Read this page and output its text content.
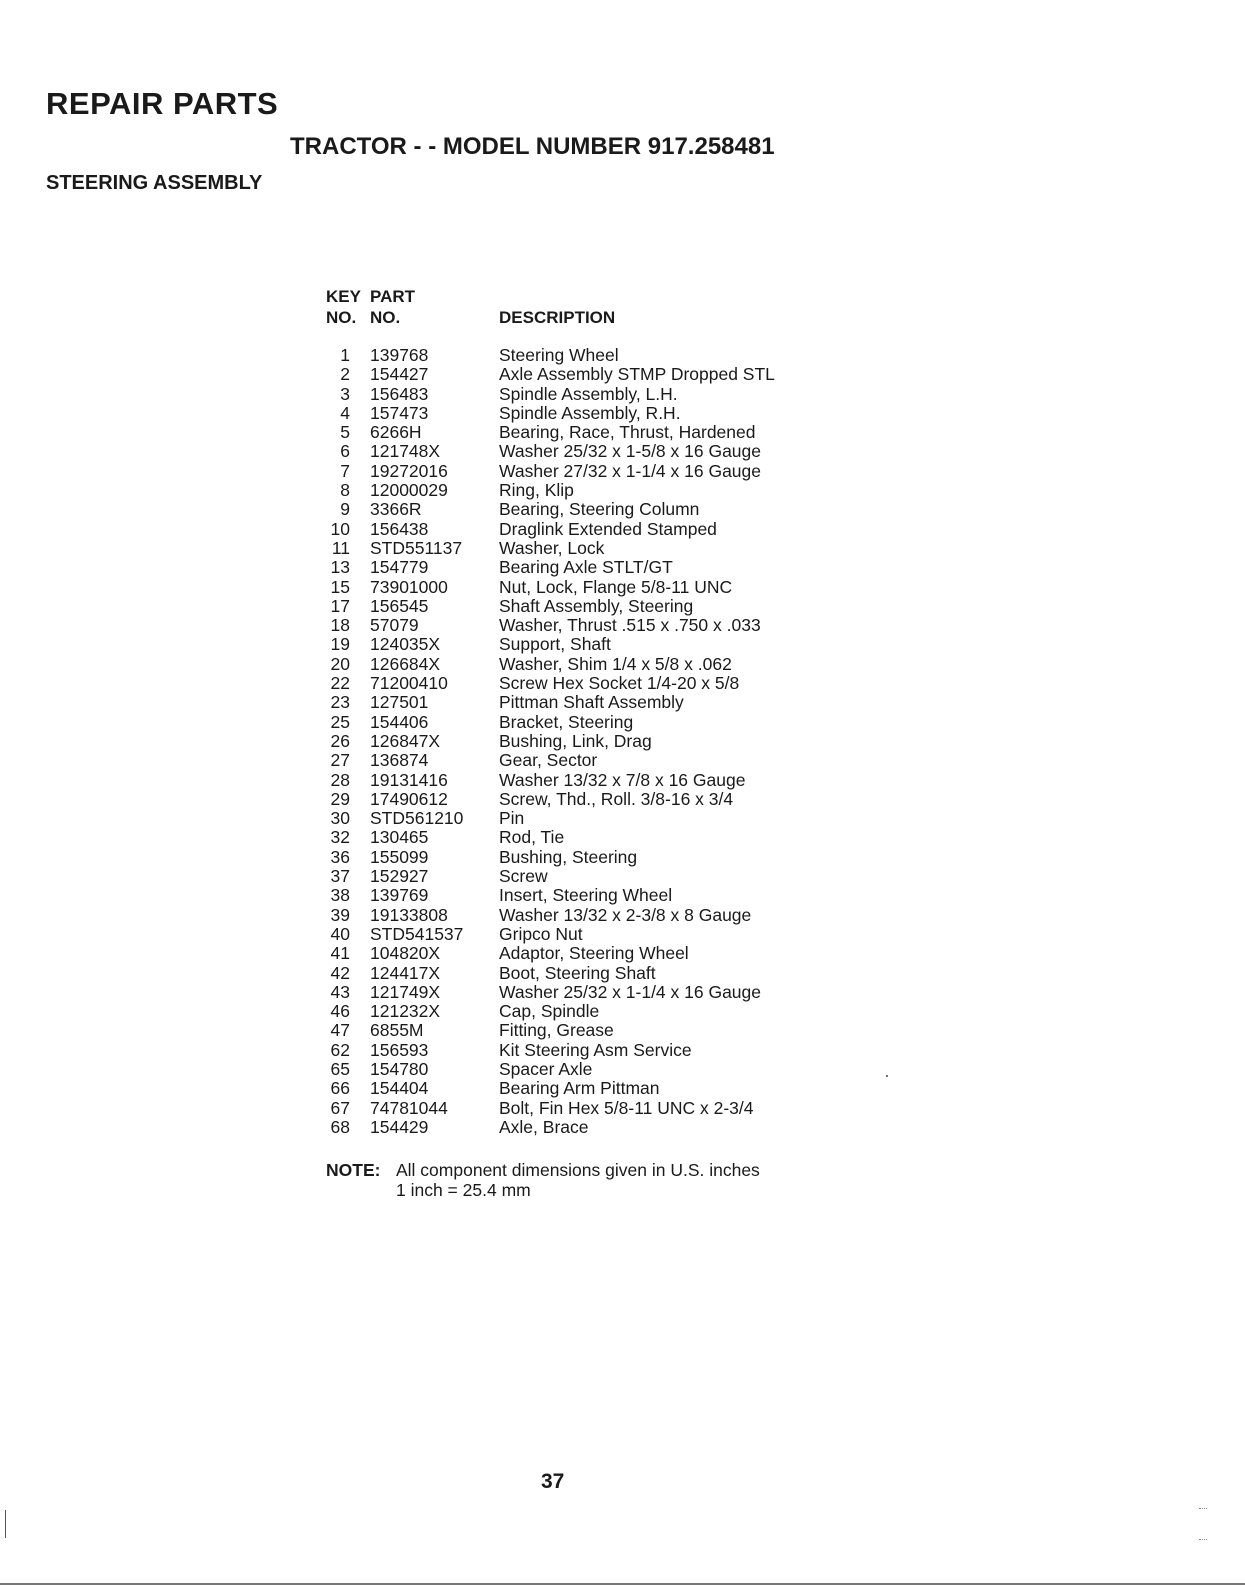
REPAIR PARTS
TRACTOR - - MODEL NUMBER 917.258481
STEERING ASSEMBLY
KEY
NO.
PART
NO.	DESCRIPTION
1 139768	Steering Wheel
2 154427	Axle Assembly STMP Dropped STL
3 156483	Spindle Assembly, L.H.
4 157473	Spindle Assembly, R.H.
5 6266H	Bearing, Race, Thrust, Hardened
6 121748X	Washer 25/32 x 1-5/8 x 16 Gauge
7 19272016	Washer 27/32 x 1-1/4 x 16 Gauge
8 12000029	Ring, Klip
9 3366R	Bearing, Steering Column
10 156438	Draglink Extended Stamped
11 STD551137 Washer, Lock
13 154779	Bearing Axle STLT/GT
15 73901000	Nut, Lock, Flange 5/8-11 UNC
17 156545	Shaft Assembly, Steering
18 57079	Washer, Thrust .515 x .750 x .033
19 124035X	Support, Shaft
20 126684X	Washer, Shim 1/4 x 5/8 x .062
22 71200410	Screw Hex Socket 1/4-20 x 5/8
23 127501	Pittman Shaft Assembly
25 154406	Bracket, Steering
26 126847X	Bushing, Link, Drag
27 136874	Gear, Sector
28 19131416	Washer 13/32 x 7/8 x 16 Gauge
29 17490612	Screw, Thd., Roll. 3/8-16 x 3/4
30 STD561210 Pin
32 130465	Rod, Tie
36 155099	Bushing, Steering
37 152927	Screw
38 139769	Insert, Steering Wheel
39 19133808	Washer 13/32 x 2-3/8 x 8 Gauge
40 STD541537 Gripco Nut
41 104820X	Adaptor, Steering Wheel
42 124417X	Boot, Steering Shaft
43 121749X	Washer 25/32 x 1-1/4 x 16 Gauge
46 121232X	Cap, Spindle
47 6855M	Fitting, Grease
62 156593	Kit Steering Asm Service
65 154780	Spacer Axle
66 154404	Bearing Arm Pittman
67 74781044	Bolt, Fin Hex 5/8-11 UNC x 2-3/4
68 154429	Axle, Brace
NOTE: All component dimensions given in U.S. inches
1 inch = 25.4 mm
37
